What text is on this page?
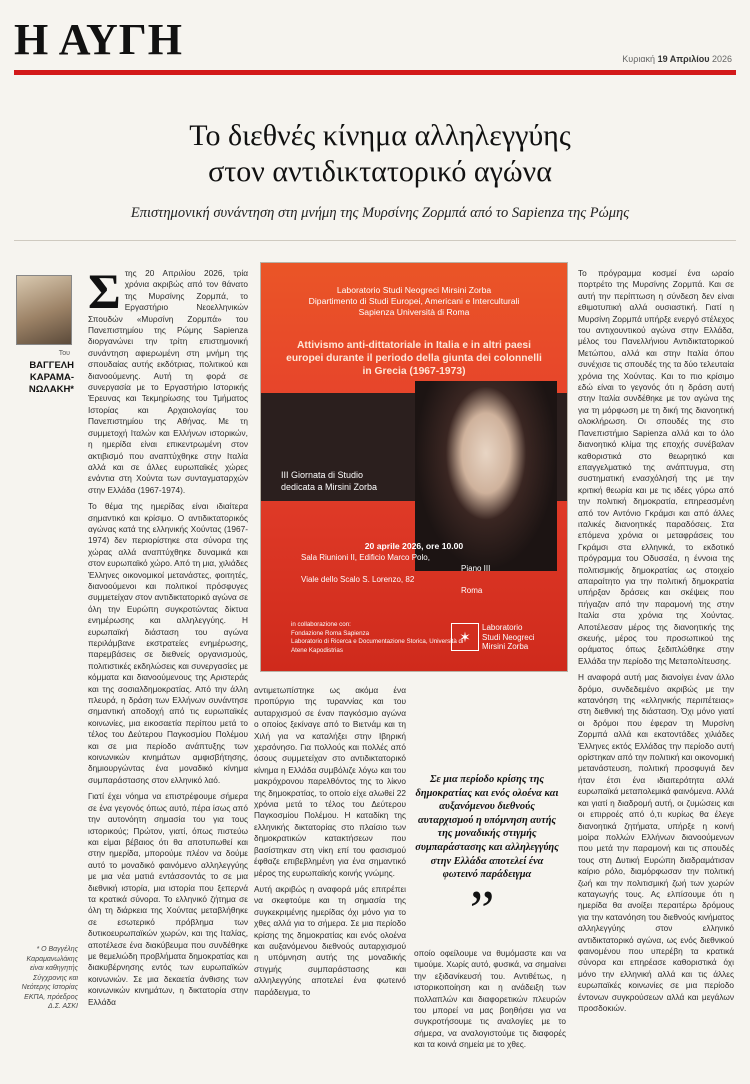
Η ΑΥΓΗ	Κυριακή 19 Απριλίου 2026
Το διεθνές κίνημα αλληλεγγύης
στον αντιδικτατορικό αγώνα
Επιστημονική συνάντηση στη μνήμη της Μυρσίνης Ζορμπά από το Sapienza της Ρώμης
Του
ΒΑΓΓΕΛΗ
ΚΑΡΑΜΑ-
ΝΩΛΑΚΗ*
* Ο Βαγγέλης Καραμανωλάκης είναι καθηγητής Σύγχρονης και Νεότερης Ιστορίας ΕΚΠΑ, πρόεδρος Δ.Σ. ΑΣΚΙ

Στης 20 Απριλίου 2026, τρία χρόνια ακριβώς από τον θάνατο της Μυρσίνης Ζορμπά, το Εργαστήριο Νεοελληνικών Σπουδών «Μυρσίνη Ζορμπά» του Πανεπιστημίου της Ρώμης Sapienza διοργανώνει την τρίτη επιστημονική συνάντηση αφιερωμένη στη μνήμη της σπουδαίας αυτής εκδότριας, πολιτικού και διανοούμενης. Αυτή τη φορά σε συνεργασία με το Εργαστήριο Ιστορικής Έρευνας και Τεκμηρίωσης του Τμήματος Ιστορίας και Αρχαιολογίας του Πανεπιστημίου της Αθήνας. Με τη συμμετοχή Ιταλών και Ελλήνων ιστορικών, η ημερίδα είναι επικεντρωμένη στον ακτιβισμό που αναπτύχθηκε στην Ιταλία αλλά και σε άλλες ευρωπαϊκές χώρες ενάντια στη Χούντα των συνταγματαρχών στην Ελλάδα (1967-1974).

Το θέμα της ημερίδας είναι ιδιαίτερα σημαντικό και κρίσιμο. Ο αντιδικτατορικός αγώνας κατά της ελληνικής Χούντας (1967-1974) δεν περιορίστηκε στα σύνορα της χώρας αλλά αναπτύχθηκε δυναμικά και στον ευρωπαϊκό χώρο. Από τη μια, χιλιάδες Έλληνες οικονομικοί μετανάστες, φοιτητές, διανοούμενοι και πολιτικοί πρόσφυγες συμμετείχαν στον αντιδικτατορικό αγώνα σε όλη την Ευρώπη συγκροτώντας δίκτυα ενημέρωσης και αλληλεγγύης. Η ευρωπαϊκή διάσταση του αγώνα περιλάμβανε εκστρατείες ενημέρωσης, παρεμβάσεις σε διεθνείς οργανισμούς, πολιτιστικές εκδηλώσεις και συνεργασίες με κόμματα και διανοούμενους της Αριστεράς και της σοσιαλδημοκρατίας. Από την άλλη πλευρά, η δράση των Ελλήνων συνάντησε σημαντική αποδοχή από τις ευρωπαϊκές κοινωνίες, μια εικοσαετία περίπου μετά το τέλος του Δεύτερου Παγκοσμίου Πολέμου και σε μια περίοδο ανάπτυξης των κοινωνικών κινημάτων αμφισβήτησης, δημιουργώντας ένα μοναδικό κίνημα συμπαράστασης στον ελληνικό λαό.

Γιατί έχει νόημα να επιστρέφουμε σήμερα σε ένα γεγονός όπως αυτό, πέρα ίσως από την αυτονόητη σημασία του για τους ιστορικούς; Πρώτον, γιατί, όπως πιστεύω και είμαι βέβαιος ότι θα αποτυπωθεί και στην ημερίδα, μπορούμε πλέον να δούμε αυτό το μοναδικό φαινόμενο αλληλεγγύης με μια νέα ματιά εντάσσοντάς το σε μια διεθνική ιστορία, μια ιστορία που ξεπερνά τα κρατικά σύνορα. Το ελληνικό ζήτημα σε όλη τη διάρκεια της Χούντας μεταβλήθηκε σε εσωτερικό πρόβλημα των δυτικοευρωπαϊκών χωρών, και της Ιταλίας, αποτέλεσε ένα διακύβευμα που συνδέθηκε με θεμελιώδη προβλήματα δημοκρατίας και διακυβέρνησης εντός των ευρωπαϊκών κοινωνιών. Σε μια δεκαετία άνθισης των κοινωνικών κινημάτων, η δικτατορία στην Ελλάδα

Laboratorio Studi Neogreci Mirsini Zorba
Dipartimento di Studi Europei, Americani e Interculturali
Sapienza Università di Roma
Attivismo anti-dittatoriale in Italia e in altri paesi europei durante il periodo della giunta dei colonnelli in Grecia (1967-1973)
III Giornata di Studio
dedicata a Mirsini Zorba
20 aprile 2026, ore 10.00
Sala Riunioni II, Edificio Marco Polo,
Piano III
Viale dello Scalo S. Lorenzo, 82
Roma
in collaborazione con:
Fondazione Roma Sapienza
Laboratorio di Ricerca e Documentazione Storica, Università di Atene Kapodistrias
✶Laboratorio
Studi Neogreci
Mirsini Zorba

αντιμετωπίστηκε ως ακόμα ένα προπύργιο της τυραννίας και του αυταρχισμού σε έναν παγκόσμιο αγώνα ο οποίος ξεκίναγε από το Βιετνάμ και τη Χιλή για να καταλήξει στην Ιβηρική χερσόνησο. Για πολλούς και πολλές από όσους συμμετείχαν στο αντιδικτατορικό κίνημα η Ελλάδα συμβόλιζε λόγω και του μακρόχρονου παρελθόντος της το λίκνο της δημοκρατίας, το οποίο είχε αλωθεί 22 χρόνια μετά το τέλος του Δεύτερου Παγκοσμίου Πολέμου. Η καταδίκη της ελληνικής δικτατορίας στο πλαίσιο των δημοκρατικών κατακτήσεων που βασίστηκαν στη νίκη επί του φασισμού έφθαζε επιβεβλημένη για ένα σημαντικό μέρος της ευρωπαϊκής κοινής γνώμης.

Αυτή ακριβώς η αναφορά μάς επιτρέπει να σκεφτούμε και τη σημασία της συγκεκριμένης ημερίδας όχι μόνο για το χθες αλλά για το σήμερα. Σε μια περίοδο κρίσης της δημοκρατίας και ενός ολοένα και αυξανόμενου διεθνούς αυταρχισμού η υπόμνηση αυτής της μοναδικής στιγμής συμπαράστασης και αλληλεγγύης αποτελεί ένα φωτεινό παράδειγμα, το

Σε μια περίοδο κρίσης της δημοκρατίας και ενός ολοένα και αυξανόμενου διεθνούς αυταρχισμού η υπόμνηση αυτής της μοναδικής στιγμής συμπαράστασης και αλληλεγγύης στην Ελλάδα αποτελεί ένα φωτεινό παράδειγμα
”

οποίο οφείλουμε να θυμόμαστε και να τιμούμε. Χωρίς αυτό, φυσικά, να σημαίνει την εξιδανίκευσή του. Αντιθέτως, η ιστορικοποίηση και η ανάδειξη των πολλαπλών και διαφορετικών πλευρών του μπορεί να μας βοηθήσει για να συγκροτήσουμε τις αναλογίες με το σήμερα, να αναλογιστούμε τις διαφορές και τα κοινά σημεία με το χθες.

Το πρόγραμμα κοσμεί ένα ωραίο πορτρέτο της Μυρσίνης Ζορμπά. Και σε αυτή την περίπτωση η σύνδεση δεν είναι εθιμοτυπική αλλά ουσιαστική. Γιατί η Μυρσίνη Ζορμπά υπήρξε ενεργό στέλεχος του αντιχουντικού αγώνα στην Ελλάδα, μέλος του Πανελλήνιου Αντιδικτατορικού Μετώπου, αλλά και στην Ιταλία όπου συνέχισε τις σπουδές της τα δύο τελευταία χρόνια της Χούντας. Και το πιο κρίσιμο εδώ είναι το γεγονός ότι η δράση αυτή στην Ιταλία συνδέθηκε με τον αγώνα της για τη μόρφωση με τη δική της διανοητική ολοκλήρωση. Οι σπουδές της στο Πανεπιστήμιο Sapienza αλλά και το όλο διανοητικό κλίμα της εποχής συνέβαλαν καθοριστικά στο θεωρητικό και επαγγελματικό της ανάπτυγμα, στη συστηματική ενασχόλησή της με την κριτική θεωρία και με τις ιδέες γύρω από την πολιτική δημοκρατία, επηρεασμένη από τον Αντόνιο Γκράμσι και από άλλες ιταλικές διανοητικές παραδόσεις. Στα επόμενα χρόνια οι μεταφράσεις του Γκράμσι στα ελληνικά, το εκδοτικό πρόγραμμα του Οδυσσέα, η έννοια της πολιτισμικής δημοκρατίας ως στοιχείο απαραίτητο για την πολιτική δημοκρατία υπήρξαν δράσεις και σκέψεις που πήγαζαν από την παραμονή της στην Ιταλία στα χρόνια της Χούντας. Αποτέλεσαν μέρος της διανοητικής της σκευής, μέρος του προσωπικού της οράματος όπως ξεδιπλώθηκε στην Ελλάδα την περίοδο της Μεταπολίτευσης.

Η αναφορά αυτή μας διανοίγει έναν άλλο δρόμο, συνδεδεμένο ακριβώς με την κατανόηση της «ελληνικής περιπέτειας» στη διεθνική της διάσταση. Όχι μόνο γιατί οι δρόμοι που έφεραν τη Μυρσίνη Ζορμπά αλλά και εκατοντάδες χιλιάδες Έλληνες εκτός Ελλάδας την περίοδο αυτή ορίστηκαν από την πολιτική και οικονομική μετανάστευση, πολιτική προσφυγιά δεν ήταν έτσι ένα ιδιαιτερότητα αλλά ευρωπαϊκά μεταπολεμικά φαινόμενα. Αλλά και γιατί η διαδρομή αυτή, οι ζυμώσεις και οι επιρροές από ό,τι κυρίως θα έλεγε διανοητικά ζητήματα, υπήρξε η κοινή μοίρα πολλών Ελλήνων διανοούμενων που μετά την παραμονή και τις σπουδές τους στη Δυτική Ευρώπη διαδραμάτισαν καίριο ρόλο, διαμόρφωσαν την πολιτική ζωή και την πολιτισμική ζωή των χωρών καταγωγής τους. Ας ελπίσουμε ότι η ημερίδα θα ανοίξει περαιτέρω δρόμους για την κατανόηση του διεθνούς κινήματος αλληλεγγύης στον ελληνικό αντιδικτατορικό αγώνα, ως ενός διεθνικού φαινομένου που υπερέβη τα κρατικά σύνορα και επηρέασε καθοριστικά όχι μόνο την ελληνική αλλά και τις άλλες ευρωπαϊκές κοινωνίες σε μια περίοδο έντονων συγκρούσεων αλλά και μεγάλων προσδοκιών.
